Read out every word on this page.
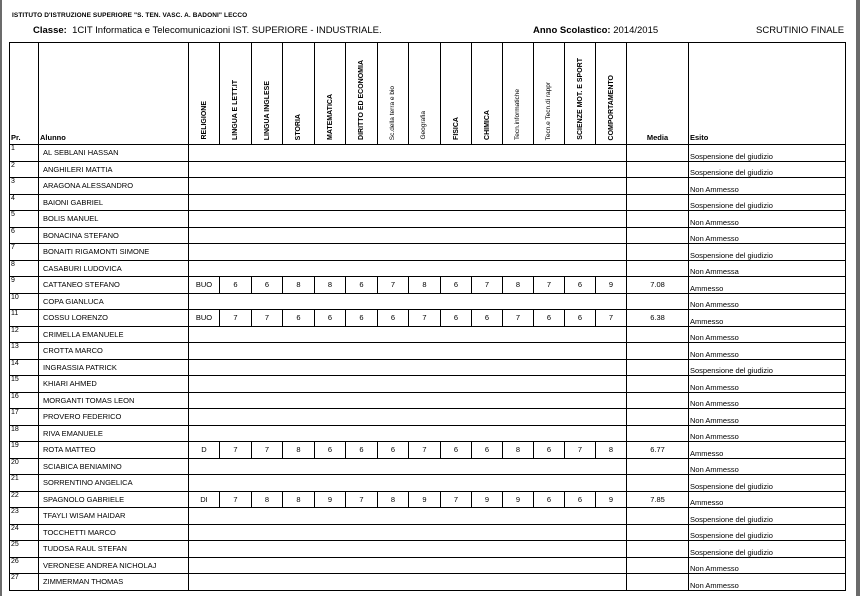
ISTITUTO D'ISTRUZIONE SUPERIORE "S. TEN. VASC. A. BADONI" LECCO
Classe: 1CIT Informatica e Telecomunicazioni IST. SUPERIORE - INDUSTRIALE.	Anno Scolastico: 2014/2015	SCRUTINIO FINALE
Pr.	Alunno	RELIGIONE	LINGUA E LETT.IT	LINGUA INGLESE	STORIA	MATEMATICA	DIRITTO ED ECONOMIA	Sc.della terra e bio	Geografia	FISICA	CHIMICA	Tecn.informatiche	Tecn.e Tecn.di rappr	SCIENZE MOT. E SPORT	COMPORTAMENTO	Media	Esito
1	AL SEBLANI HASSAN																Sospensione del giudizio
2	ANGHILERI MATTIA																Sospensione del giudizio
3	ARAGONA ALESSANDRO																Non Ammesso
4	BAIONI GABRIEL																Sospensione del giudizio
5	BOLIS MANUEL																Non Ammesso
6	BONACINA STEFANO																Non Ammesso
7	BONAITI RIGAMONTI SIMONE																Sospensione del giudizio
8	CASABURI LUDOVICA																Non Ammessa
9	CATTANEO STEFANO	BUO	6	6	8	8	6	7	8	6	7	8	7	6	9	7.08	Ammesso
10	COPA GIANLUCA																Non Ammesso
11	COSSU LORENZO	BUO	7	7	6	6	6	6	7	6	6	7	6	6	7	6.38	Ammesso
12	CRIMELLA EMANUELE																Non Ammesso
13	CROTTA MARCO																Non Ammesso
14	INGRASSIA PATRICK																Sospensione del giudizio
15	KHIARI AHMED																Non Ammesso
16	MORGANTI TOMAS LEON																Non Ammesso
17	PROVERO FEDERICO																Non Ammesso
18	RIVA EMANUELE																Non Ammesso
19	ROTA MATTEO	D	7	7	8	6	6	6	7	6	6	8	6	7	8	6.77	Ammesso
20	SCIABICA BENIAMINO																Non Ammesso
21	SORRENTINO ANGELICA																Sospensione del giudizio
22	SPAGNOLO GABRIELE	DI	7	8	8	9	7	8	9	7	9	9	6	6	9	7.85	Ammesso
23	TFAYLI WISAM HAIDAR																Sospensione del giudizio
24	TOCCHETTI MARCO																Sospensione del giudizio
25	TUDOSA RAUL STEFAN																Sospensione del giudizio
26	VERONESE ANDREA NICHOLAJ																Non Ammesso
27	ZIMMERMAN THOMAS																Non Ammesso
